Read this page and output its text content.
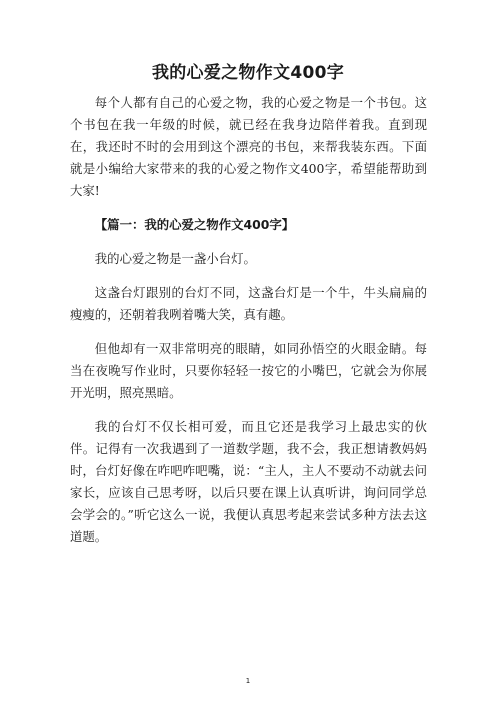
我的心爱之物作文400字

每个人都有自己的心爱之物，我的心爱之物是一个书包。这个书包在我一年级的时候，就已经在我身边陪伴着我。直到现在，我还时不时的会用到这个漂亮的书包，来帮我装东西。下面就是小编给大家带来的我的心爱之物作文400字，希望能帮助到大家!

【篇一：我的心爱之物作文400字】

我的心爱之物是一盏小台灯。

这盏台灯跟别的台灯不同，这盏台灯是一个牛，牛头扁扁的瘦瘦的，还朝着我咧着嘴大笑，真有趣。

但他却有一双非常明亮的眼睛，如同孙悟空的火眼金睛。每当在夜晚写作业时，只要你轻轻一按它的小嘴巴，它就会为你展开光明，照亮黑暗。

我的台灯不仅长相可爱，而且它还是我学习上最忠实的伙伴。记得有一次我遇到了一道数学题，我不会，我正想请教妈妈时，台灯好像在咋吧咋吧嘴，说：“主人，主人不要动不动就去问家长，应该自己思考呀，以后只要在课上认真听讲，询问同学总会学会的。”听它这么一说，我便认真思考起来尝试多种方法去这道题。

1
